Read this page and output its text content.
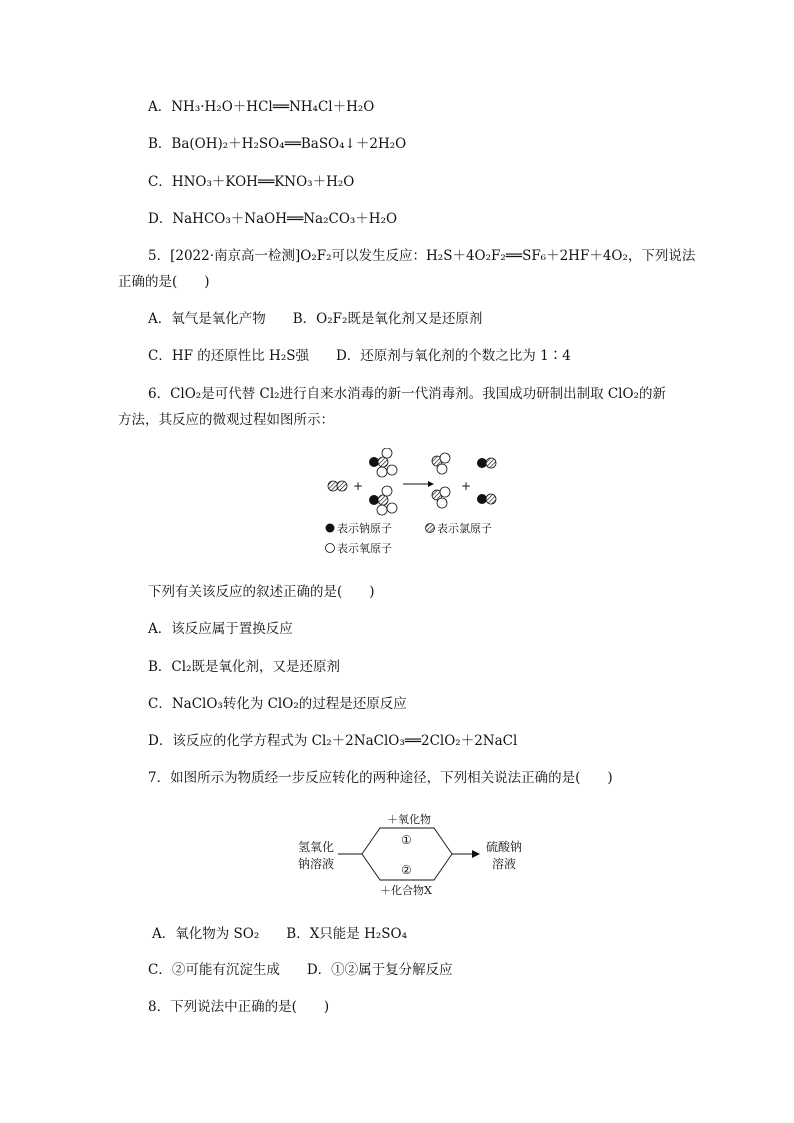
A．NH₃·H₂O＋HCl══NH₄Cl＋H₂O
B．Ba(OH)₂＋H₂SO₄══BaSO₄↓＋2H₂O
C．HNO₃＋KOH══KNO₃＋H₂O
D．NaHCO₃＋NaOH══Na₂CO₃＋H₂O
5．[2022·南京高一检测]O₂F₂可以发生反应：H₂S＋4O₂F₂══SF₆＋2HF＋4O₂，下列说法
正确的是(　　)
A．氧气是氧化产物　　B．O₂F₂既是氧化剂又是还原剂
C．HF 的还原性比 H₂S强　　D．还原剂与氧化剂的个数之比为 1∶4
6．ClO₂是可代替 Cl₂进行自来水消毒的新一代消毒剂。我国成功研制出制取 ClO₂的新
方法，其反应的微观过程如图所示：
+	+
表示钠原子	表示氯原子
表示氧原子
下列有关该反应的叙述正确的是(　　)
A．该反应属于置换反应
B．Cl₂既是氧化剂，又是还原剂
C．NaClO₃转化为 ClO₂的过程是还原反应
D．该反应的化学方程式为 Cl₂＋2NaClO₃══2ClO₂＋2NaCl
7．如图所示为物质经一步反应转化的两种途径，下列相关说法正确的是(　　)
氢氧化
钠溶液
＋氧化物
①
②
＋化合物X
硫酸钠
溶液
A．氧化物为 SO₂　　B．X只能是 H₂SO₄
C．②可能有沉淀生成　　D．①②属于复分解反应
8．下列说法中正确的是(　　)
